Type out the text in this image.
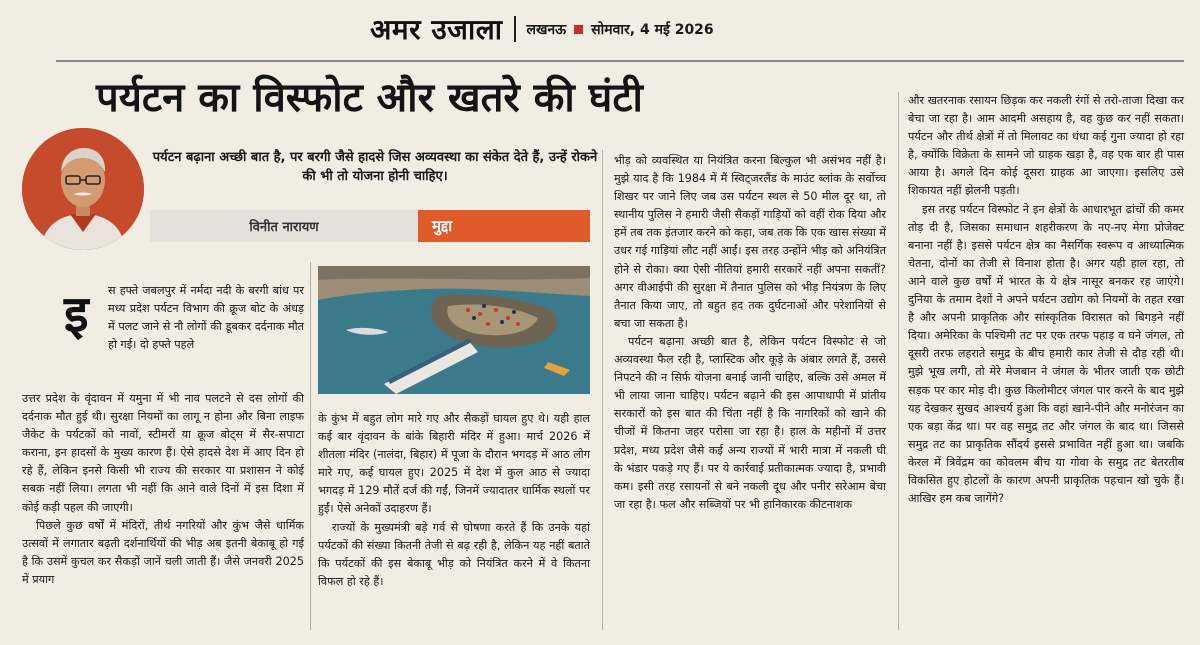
अमर उजाला लखनऊ सोमवार, 4 मई 2026
पर्यटन का विस्फोट और खतरे की घंटी
पर्यटन बढ़ाना अच्छी बात है, पर बरगी जैसे हादसे जिस अव्यवस्था का संकेत देते हैं, उन्हें रोकने की भी तो योजना होनी चाहिए।
विनीत नारायण	मुद्दा
इ	स हफ्ते जबलपुर में नर्मदा नदी के बरगी बांध पर मध्य प्रदेश पर्यटन विभाग की क्रूज बोट के अंधड़ में पलट जाने से नौ लोगों की डूबकर दर्दनाक मौत हो गई। दो हफ्ते पहले

उत्तर प्रदेश के वृंदावन में यमुना में भी नाव पलटने से दस लोगों की दर्दनाक मौत हुई थी। सुरक्षा नियमों का लागू न होना और बिना लाइफ जैकेट के पर्यटकों को नावों, स्टीमरों या क्रूज बोट्स में सैर-सपाटा कराना, इन हादसों के मुख्य कारण हैं। ऐसे हादसे देश में आए दिन हो रहे हैं, लेकिन इनसे किसी भी राज्य की सरकार या प्रशासन ने कोई सबक नहीं लिया। लगता भी नहीं कि आने वाले दिनों में इस दिशा में कोई कड़ी पहल की जाएगी।

पिछले कुछ वर्षों में मंदिरों, तीर्थ नगरियों और कुंभ जैसे धार्मिक उत्सवों में लगातार बढ़ती दर्शनार्थियों की भीड़ अब इतनी बेकाबू हो गई है कि उसमें कुचल कर सैकड़ों जानें चली जाती हैं। जैसे जनवरी 2025 में प्रयाग

के कुंभ में बहुत लोग मारे गए और सैकड़ों घायल हुए थे। यही हाल कई बार वृंदावन के बांके बिहारी मंदिर में हुआ। मार्च 2026 में शीतला मंदिर (नालंदा, बिहार) में पूजा के दौरान भगदड़ में आठ लोग मारे गए, कई घायल हुए। 2025 में देश में कुल आठ से ज्यादा भगदड़ में 129 मौतें दर्ज की गईं, जिनमें ज्यादातर धार्मिक स्थलों पर हुईं। ऐसे अनेकों उदाहरण हैं।

राज्यों के मुख्यमंत्री बड़े गर्व से घोषणा करते हैं कि उनके यहां पर्यटकों की संख्या कितनी तेजी से बढ़ रही है, लेकिन यह नहीं बताते कि पर्यटकों की इस बेकाबू भीड़ को नियंत्रित करने में वे कितना विफल हो रहे हैं।

भीड़ को व्यवस्थित या नियंत्रित करना बिल्कुल भी असंभव नहीं है। मुझे याद है कि 1984 में मैं स्विट्जरलैंड के माउंट ब्लांक के सर्वोच्च शिखर पर जाने लिए जब उस पर्यटन स्थल से 50 मील दूर था, तो स्थानीय पुलिस ने हमारी जैसी सैकड़ों गाड़ियों को वहीं रोक दिया और हमें तब तक इंतजार करने को कहा, जब तक कि एक खास संख्या में उधर गई गाड़ियां लौट नहीं आईं। इस तरह उन्होंने भीड़ को अनियंत्रित होने से रोका। क्या ऐसी नीतियां हमारी सरकारें नहीं अपना सकतीं? अगर वीआईपी की सुरक्षा में तैनात पुलिस को भीड़ नियंत्रण के लिए तैनात किया जाए, तो बहुत हद तक दुर्घटनाओं और परेशानियों से बचा जा सकता है।

पर्यटन बढ़ाना अच्छी बात है, लेकिन पर्यटन विस्फोट से जो अव्यवस्था फैल रही है, प्लास्टिक और कूड़े के अंबार लगते हैं, उससे निपटने की न सिर्फ योजना बनाई जानी चाहिए, बल्कि उसे अमल में भी लाया जाना चाहिए। पर्यटन बढ़ाने की इस आपाधापी में प्रांतीय सरकारों को इस बात की चिंता नहीं है कि नागरिकों को खाने की चीजों में कितना जहर परोसा जा रहा है। हाल के महीनों में उत्तर प्रदेश, मध्य प्रदेश जैसे कई अन्य राज्यों में भारी मात्रा में नकली घी के भंडार पकड़े गए हैं। पर ये कार्रवाई प्रतीकात्मक ज्यादा है, प्रभावी कम। इसी तरह रसायनों से बने नकली दूध और पनीर सरेआम बेचा जा रहा है। फल और सब्जियों पर भी हानिकारक कीटनाशक

और खतरनाक रसायन छिड़क कर नकली रंगों से तरो-ताजा दिखा कर बेचा जा रहा है। आम आदमी असहाय है, वह कुछ कर नहीं सकता। पर्यटन और तीर्थ क्षेत्रों में तो मिलावट का धंधा कई गुना ज्यादा हो रहा है, क्योंकि विक्रेता के सामने जो ग्राहक खड़ा है, वह एक बार ही पास आया है। अगले दिन कोई दूसरा ग्राहक आ जाएगा। इसलिए उसे शिकायत नहीं झेलनी पड़ती।

इस तरह पर्यटन विस्फोट ने इन क्षेत्रों के आधारभूत ढांचों की कमर तोड़ दी है, जिसका समाधान शहरीकरण के नए-नए मेगा प्रोजेक्ट बनाना नहीं है। इससे पर्यटन क्षेत्र का नैसर्गिक स्वरूप व आध्यात्मिक चेतना, दोनों का तेजी से विनाश होता है। अगर यही हाल रहा, तो आने वाले कुछ वर्षों में भारत के ये क्षेत्र नासूर बनकर रह जाएंगे। दुनिया के तमाम देशों ने अपने पर्यटन उद्योग को नियमों के तहत रखा है और अपनी प्राकृतिक और सांस्कृतिक विरासत को बिगड़ने नहीं दिया। अमेरिका के पश्चिमी तट पर एक तरफ पहाड़ व घने जंगल, तो दूसरी तरफ लहराते समुद्र के बीच हमारी कार तेजी से दौड़ रही थी। मुझे भूख लगी, तो मेरे मेजबान ने जंगल के भीतर जाती एक छोटी सड़क पर कार मोड़ दी। कुछ किलोमीटर जंगल पार करने के बाद मुझे यह देखकर सुखद आश्चर्य हुआ कि वहां खाने-पीने और मनोरंजन का एक बड़ा केंद्र था। पर वह समुद्र तट और जंगल के बाद था। जिससे समुद्र तट का प्राकृतिक सौंदर्य इससे प्रभावित नहीं हुआ था। जबकि केरल में त्रिवेंद्रम का कोवलम बीच या गोवा के समुद्र तट बेतरतीब विकसित हुए होटलों के कारण अपनी प्राकृतिक पहचान खो चुके हैं। आखिर हम कब जागेंगे?
